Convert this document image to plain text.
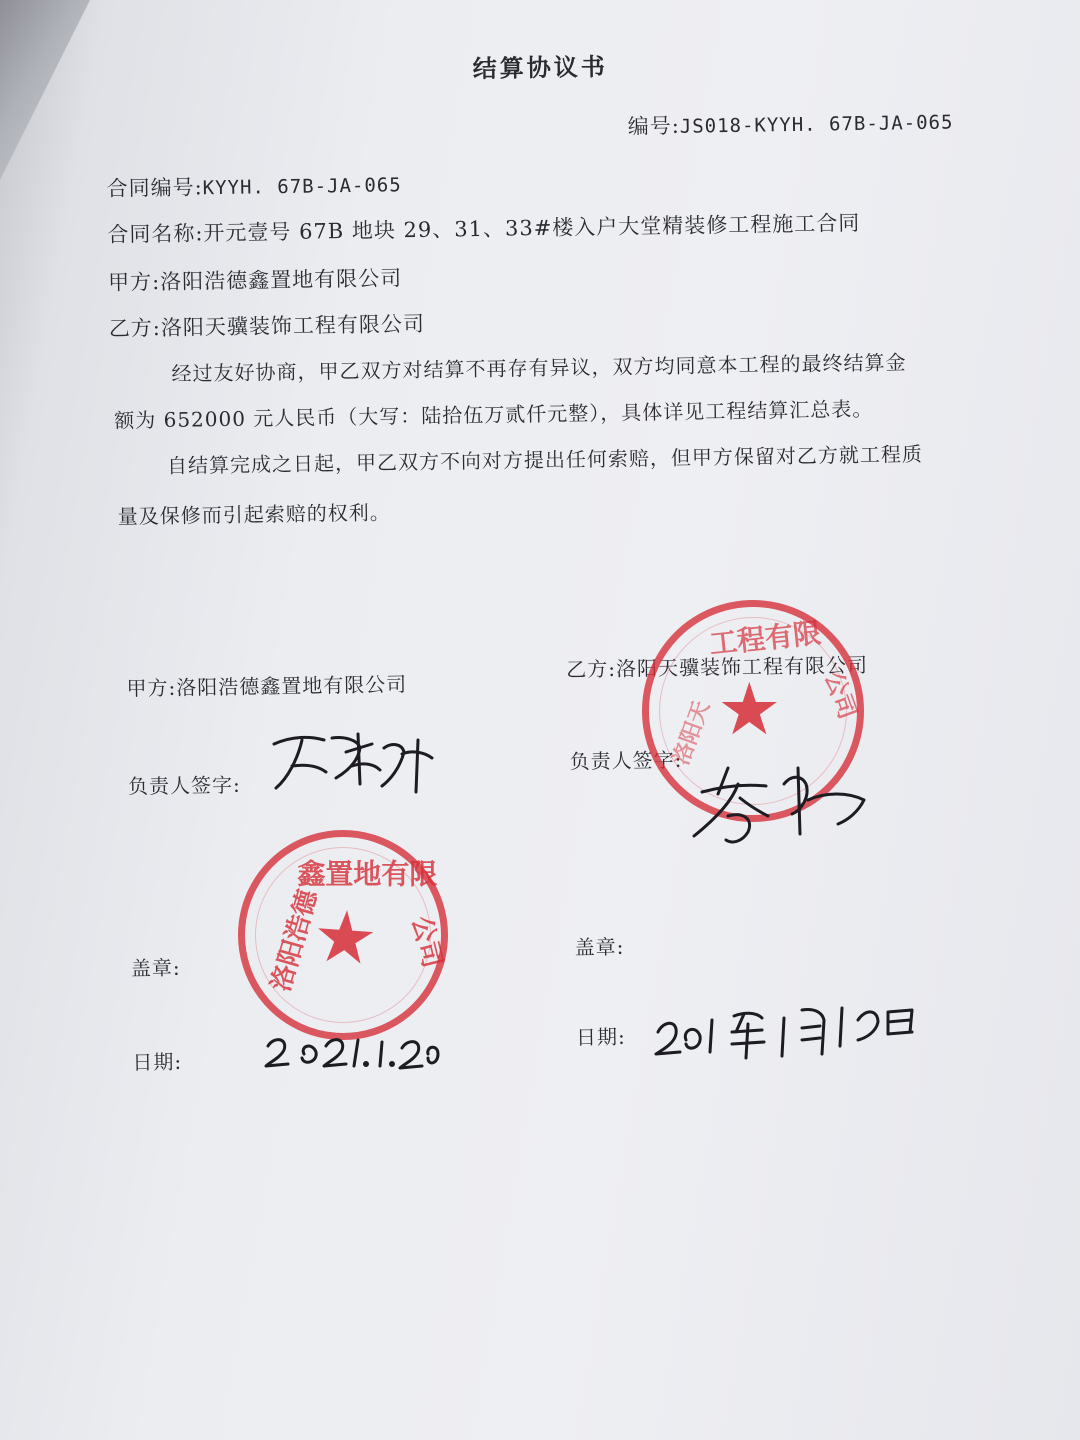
结算协议书
编号:JS018-KYYH. 67B-JA-065
合同编号:KYYH. 67B-JA-065
合同名称:开元壹号 67B 地块 29、31、33#楼入户大堂精装修工程施工合同
甲方:洛阳浩德鑫置地有限公司
乙方:洛阳天骥装饰工程有限公司
经过友好协商，甲乙双方对结算不再存有异议，双方均同意本工程的最终结算金
额为 652000 元人民币（大写：陆拾伍万贰仟元整），具体详见工程结算汇总表。
自结算完成之日起，甲乙双方不向对方提出任何索赔，但甲方保留对乙方就工程质
量及保修而引起索赔的权利。
甲方:洛阳浩德鑫置地有限公司
负责人签字:
盖章:
日期:
乙方:洛阳天骥装饰工程有限公司
负责人签字:
盖章:
日期:
工程有限
洛阳天
公司
★
鑫置地有限
洛阳浩德	公司
★
